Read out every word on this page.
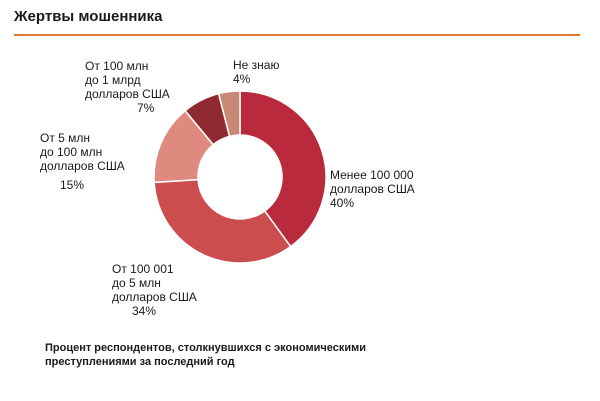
Жертвы мошенника
Менее 100 000
долларов США
40%
От 100 001
до 5 млн
долларов США
34%
От 5 млн
до 100 млн
долларов США
15%
От 100 млн
до 1 млрд
долларов США
7%
Не знаю
4%
Процент респондентов, столкнувшихся с экономическими
преступлениями за последний год
